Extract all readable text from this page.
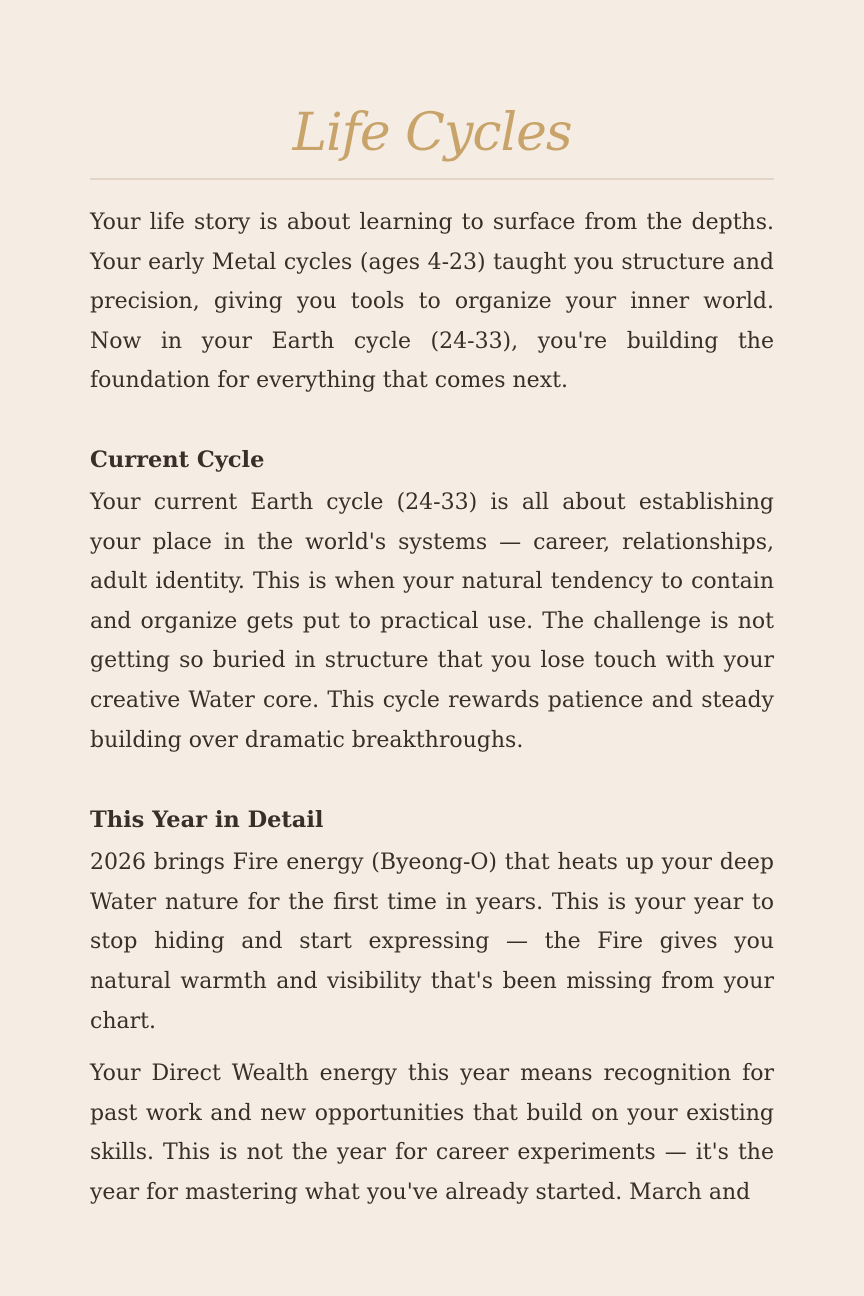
Life Cycles

Your life story is about learning to surface from the depths. Your early Metal cycles (ages 4-23) taught you structure and precision, giving you tools to organize your inner world. Now in your Earth cycle (24-33), you're building the foundation for everything that comes next.

Current Cycle

Your current Earth cycle (24-33) is all about establishing your place in the world's systems — career, relationships, adult identity. This is when your natural tendency to contain and organize gets put to practical use. The challenge is not getting so buried in structure that you lose touch with your creative Water core. This cycle rewards patience and steady building over dramatic breakthroughs.

This Year in Detail

2026 brings Fire energy (Byeong-O) that heats up your deep Water nature for the first time in years. This is your year to stop hiding and start expressing — the Fire gives you natural warmth and visibility that's been missing from your chart.

Your Direct Wealth energy this year means recognition for past work and new opportunities that build on your existing skills. This is not the year for career experiments — it's the year for mastering what you've already started. March and
